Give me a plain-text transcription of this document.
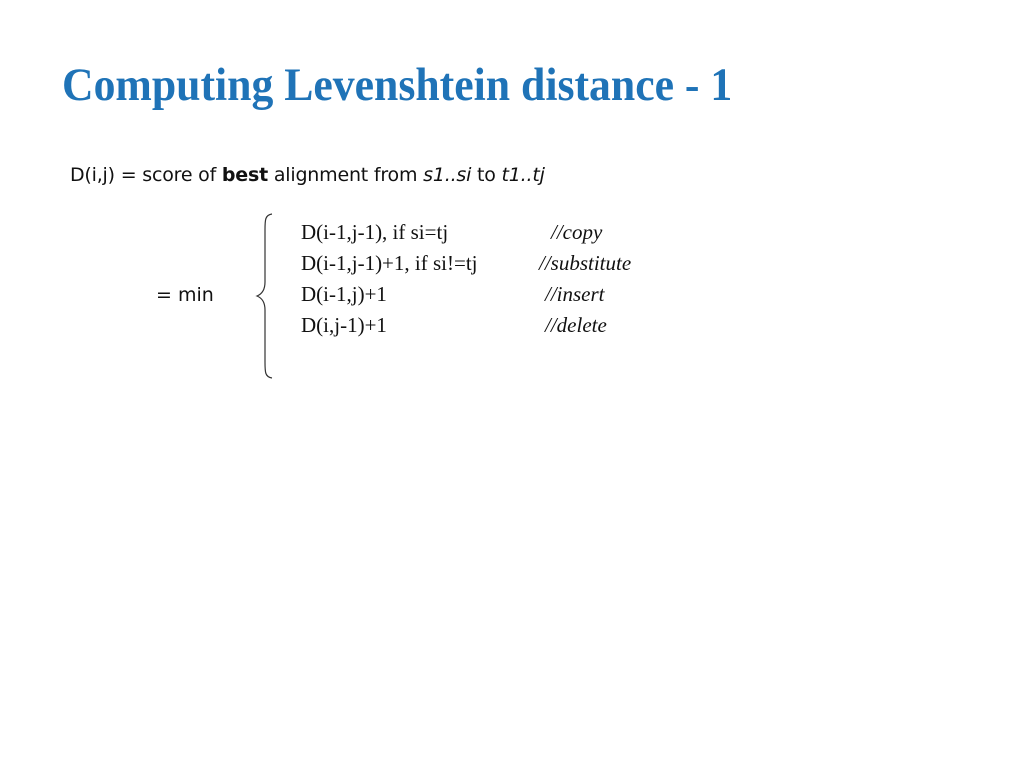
Computing Levenshtein distance - 1
D(i,j) = score of best alignment from s1..si to t1..tj
= min
D(i-1,j-1), if si=tj	//copy
D(i-1,j-1)+1, if si!=tj	//substitute
D(i-1,j)+1	//insert
D(i,j-1)+1	//delete
